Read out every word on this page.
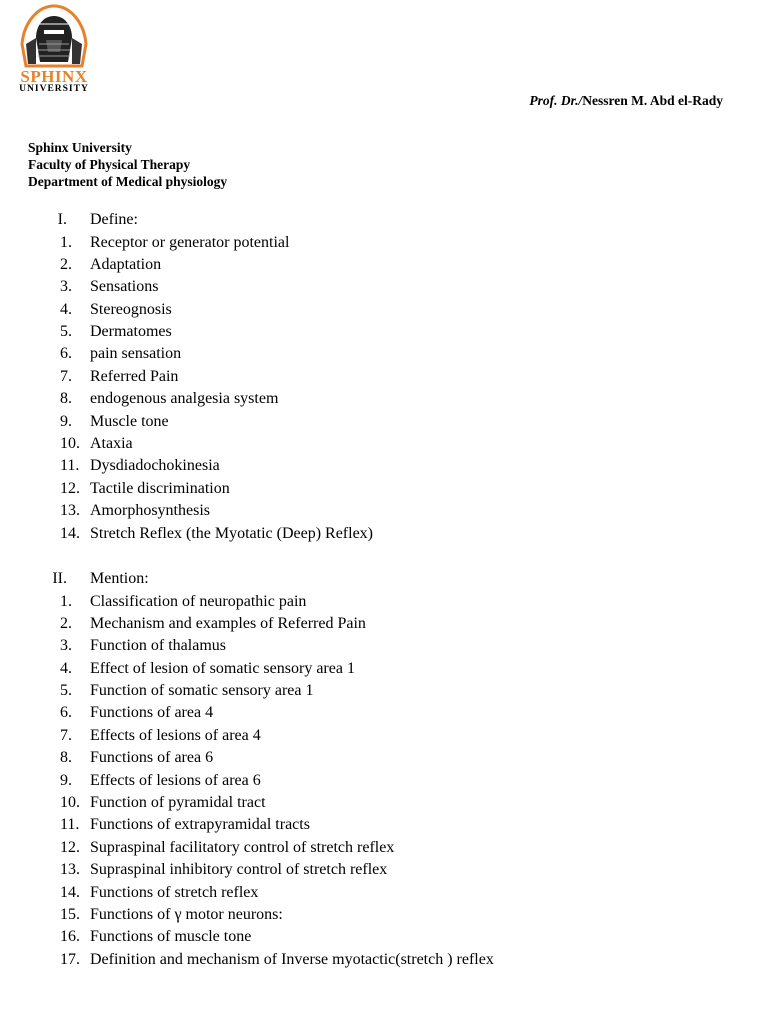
SPHINX
UNIVERSITY
Prof. Dr./Nessren M. Abd el-Rady
Sphinx University
Faculty of Physical Therapy
Department of Medical physiology
I. Define:
1. Receptor or generator potential
2. Adaptation
3. Sensations
4. Stereognosis
5. Dermatomes
6. pain sensation
7. Referred Pain
8. endogenous analgesia system
9. Muscle tone
10. Ataxia
11. Dysdiadochokinesia
12. Tactile discrimination
13. Amorphosynthesis
14. Stretch Reflex (the Myotatic (Deep) Reflex)
II. Mention:
1. Classification of neuropathic pain
2. Mechanism and examples of Referred Pain
3. Function of thalamus
4. Effect of lesion of somatic sensory area 1
5. Function of somatic sensory area 1
6. Functions of area 4
7. Effects of lesions of area 4
8. Functions of area 6
9. Effects of lesions of area 6
10. Function of pyramidal tract
11. Functions of extrapyramidal tracts
12. Supraspinal facilitatory control of stretch reflex
13. Supraspinal inhibitory control of stretch reflex
14. Functions of stretch reflex
15. Functions of γ motor neurons:
16. Functions of muscle tone
17. Definition and mechanism of Inverse myotactic(stretch ) reflex
